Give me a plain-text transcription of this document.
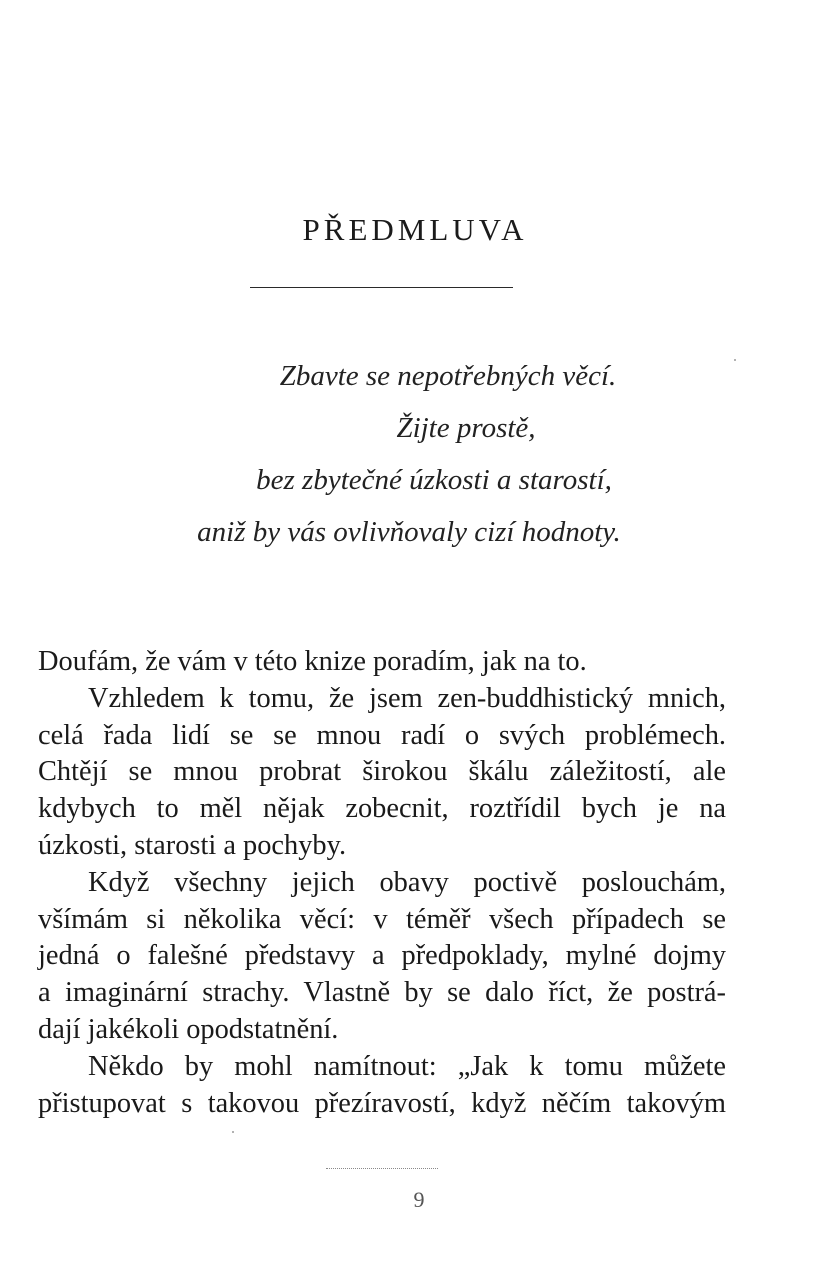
PŘEDMLUVA
Zbavte se nepotřebných věcí.
Žijte prostě,
bez zbytečné úzkosti a starostí,
aniž by vás ovlivňovaly cizí hodnoty.
Doufám, že vám v této knize poradím, jak na to.
Vzhledem k tomu, že jsem zen-buddhistický mnich,
celá řada lidí se se mnou radí o svých problémech.
Chtějí se mnou probrat širokou škálu záležitostí, ale
kdybych to měl nějak zobecnit, roztřídil bych je na
úzkosti, starosti a pochyby.
Když všechny jejich obavy poctivě poslouchám,
všímám si několika věcí: v téměř všech případech se
jedná o falešné představy a předpoklady, mylné dojmy
a imaginární strachy. Vlastně by se dalo říct, že postrá-
dají jakékoli opodstatnění.
Někdo by mohl namítnout: „Jak k tomu můžete
přistupovat s takovou přezíravostí, když něčím takovým
9
